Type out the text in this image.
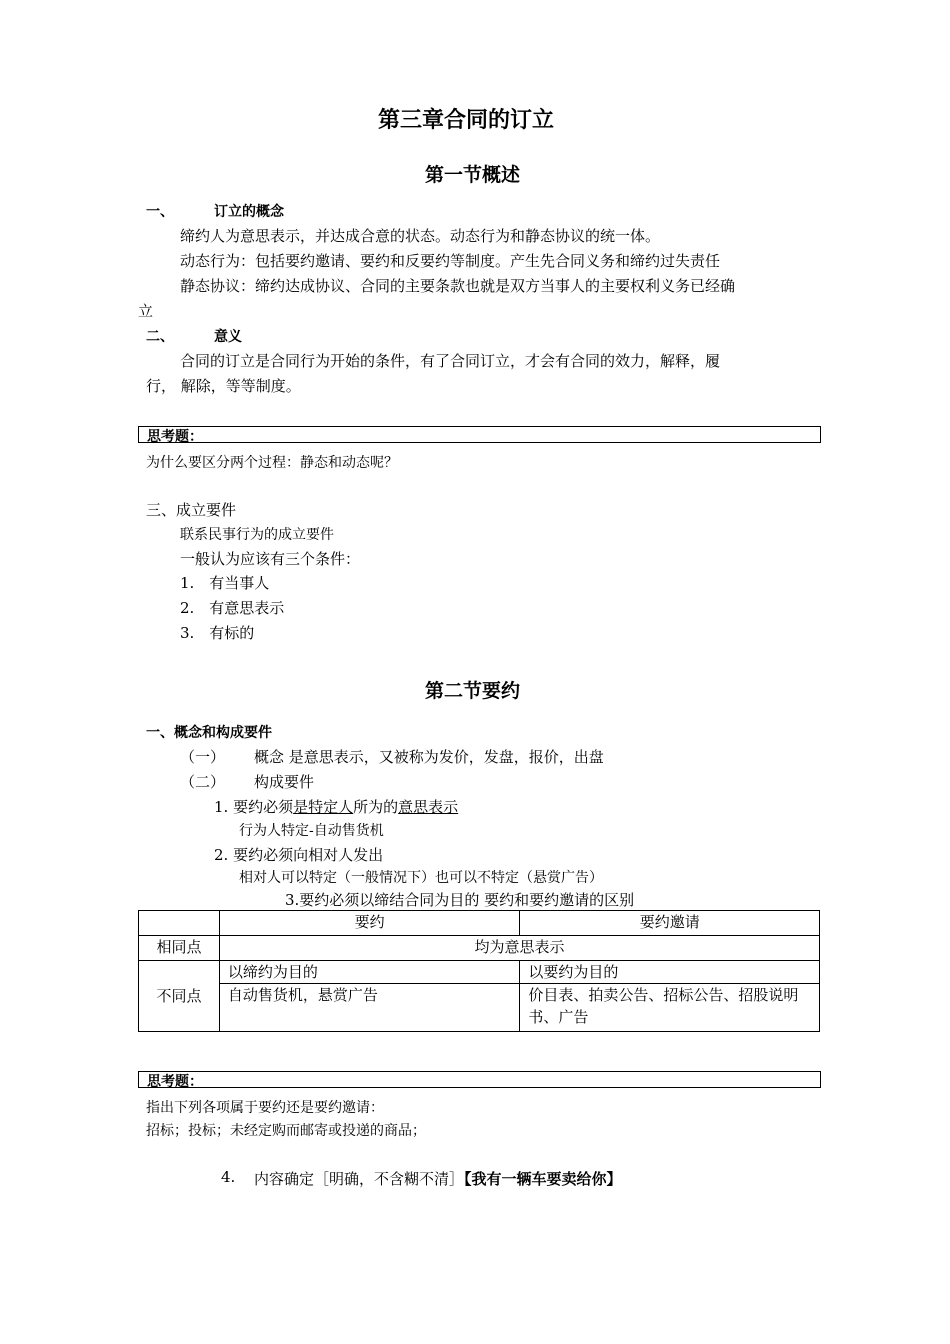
第三章合同的订立
第一节概述
一、	订立的概念
缔约人为意思表示，并达成合意的状态。动态行为和静态协议的统一体。
动态行为：包括要约邀请、要约和反要约等制度。产生先合同义务和缔约过失责任
静态协议：缔约达成协议、合同的主要条款也就是双方当事人的主要权利义务已经确
立
二、	意义
合同的订立是合同行为开始的条件，有了合同订立，才会有合同的效力，解释，履
行， 解除，等等制度。
思考题：
为什么要区分两个过程：静态和动态呢？
三、成立要件
联系民事行为的成立要件
一般认为应该有三个条件：
1.　有当事人
2.　有意思表示
3.　有标的
第二节要约
一、概念和构成要件
（一） 概念 是意思表示，又被称为发价，发盘，报价，出盘
（二） 构成要件
1. 要约必须是特定人所为的意思表示
行为人特定-自动售货机
2. 要约必须向相对人发出
相对人可以特定（一般情况下）也可以不特定（悬赏广告）
3.要约必须以缔结合同为目的 要约和要约邀请的区别
	要约	要约邀请
相同点	均为意思表示	
不同点	以缔约为目的	以要约为目的
	自动售货机，悬赏广告	价目表、拍卖公告、招标公告、招股说明书、广告
思考题：
指出下列各项属于要约还是要约邀请：
招标；投标；未经定购而邮寄或投递的商品；
4. 内容确定［明确，不含糊不清］【我有一辆车要卖给你】
